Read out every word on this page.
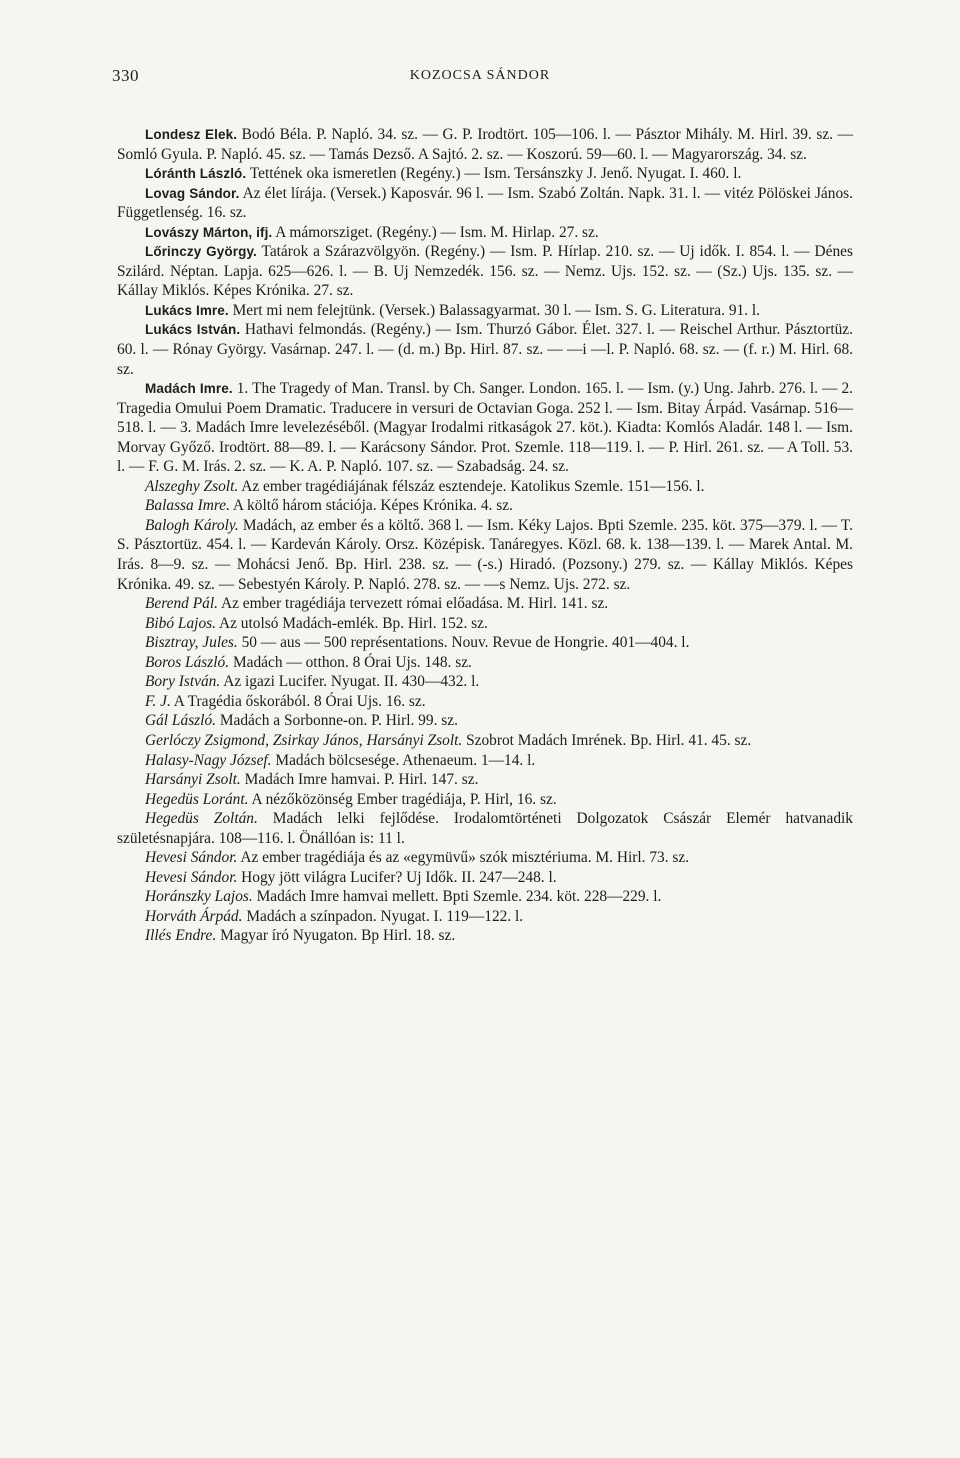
330	KOZOCSA SÁNDOR

Londesz Elek. Bodó Béla. P. Napló. 34. sz. — G. P. Irodtört. 105—106. l. — Pásztor Mihály. M. Hirl. 39. sz. — Somló Gyula. P. Napló. 45. sz. — Tamás Dezső. A Sajtó. 2. sz. — Koszorú. 59—60. l. — Magyarország. 34. sz.

Lóránth László. Tettének oka ismeretlen (Regény.) — Ism. Tersánszky J. Jenő. Nyugat. I. 460. l.

Lovag Sándor. Az élet lírája. (Versek.) Kaposvár. 96 l. — Ism. Szabó Zoltán. Napk. 31. l. — vitéz Pölöskei János. Függetlenség. 16. sz.

Lovászy Márton, ifj. A mámorsziget. (Regény.) — Ism. M. Hirlap. 27. sz.

Lőrinczy György. Tatárok a Szárazvölgyön. (Regény.) — Ism. P. Hírlap. 210. sz. — Uj idők. I. 854. l. — Dénes Szilárd. Néptan. Lapja. 625—626. l. — B. Uj Nemzedék. 156. sz. — Nemz. Ujs. 152. sz. — (Sz.) Ujs. 135. sz. — Kállay Miklós. Képes Krónika. 27. sz.

Lukács Imre. Mert mi nem felejtünk. (Versek.) Balassagyarmat. 30 l. — Ism. S. G. Literatura. 91. l.

Lukács István. Hathavi felmondás. (Regény.) — Ism. Thurzó Gábor. Élet. 327. l. — Reischel Arthur. Pásztortüz. 60. l. — Rónay György. Vasárnap. 247. l. — (d. m.) Bp. Hirl. 87. sz. — —i —l. P. Napló. 68. sz. — (f. r.) M. Hirl. 68. sz.

Madách Imre. 1. The Tragedy of Man. Transl. by Ch. Sanger. London. 165. l. — Ism. (y.) Ung. Jahrb. 276. l. — 2. Tragedia Omului Poem Dramatic. Traducere in versuri de Octavian Goga. 252 l. — Ism. Bitay Árpád. Vasárnap. 516—518. l. — 3. Madách Imre levelezéséből. (Magyar Irodalmi ritkaságok 27. köt.). Kiadta: Komlós Aladár. 148 l. — Ism. Morvay Győző. Irodtört. 88—89. l. — Karácsony Sándor. Prot. Szemle. 118—119. l. — P. Hirl. 261. sz. — A Toll. 53. l. — F. G. M. Irás. 2. sz. — K. A. P. Napló. 107. sz. — Szabadság. 24. sz.

Alszeghy Zsolt. Az ember tragédiájának félszáz esztendeje. Katolikus Szemle. 151—156. l.

Balassa Imre. A költő három stációja. Képes Krónika. 4. sz.

Balogh Károly. Madách, az ember és a költő. 368 l. — Ism. Kéky Lajos. Bpti Szemle. 235. köt. 375—379. l. — T. S. Pásztortüz. 454. l. — Kardeván Károly. Orsz. Középisk. Tanáregyes. Közl. 68. k. 138—139. l. — Marek Antal. M. Irás. 8—9. sz. — Mohácsi Jenő. Bp. Hirl. 238. sz. — (-s.) Hiradó. (Pozsony.) 279. sz. — Kállay Miklós. Képes Krónika. 49. sz. — Sebestyén Károly. P. Napló. 278. sz. — —s Nemz. Ujs. 272. sz.

Berend Pál. Az ember tragédiája tervezett római előadása. M. Hirl. 141. sz.

Bibó Lajos. Az utolsó Madách-emlék. Bp. Hirl. 152. sz.

Bisztray, Jules. 50 — aus — 500 représentations. Nouv. Revue de Hongrie. 401—404. l.

Boros László. Madách — otthon. 8 Órai Ujs. 148. sz.

Bory István. Az igazi Lucifer. Nyugat. II. 430—432. l.

F. J. A Tragédia őskorából. 8 Órai Ujs. 16. sz.

Gál László. Madách a Sorbonne-on. P. Hirl. 99. sz.

Gerlóczy Zsigmond, Zsirkay János, Harsányi Zsolt. Szobrot Madách Imrének. Bp. Hirl. 41. 45. sz.

Halasy-Nagy József. Madách bölcsesége. Athenaeum. 1—14. l.

Harsányi Zsolt. Madách Imre hamvai. P. Hirl. 147. sz.

Hegedüs Loránt. A nézőközönség Ember tragédiája, P. Hirl, 16. sz.

Hegedüs Zoltán. Madách lelki fejlődése. Irodalomtörténeti Dolgozatok Császár Elemér hatvanadik születésnapjára. 108—116. l. Önállóan is: 11 l.

Hevesi Sándor. Az ember tragédiája és az «egymüvű» szók misztériuma. M. Hirl. 73. sz.

Hevesi Sándor. Hogy jött világra Lucifer? Uj Idők. II. 247—248. l.

Horánszky Lajos. Madách Imre hamvai mellett. Bpti Szemle. 234. köt. 228—229. l.

Horváth Árpád. Madách a színpadon. Nyugat. I. 119—122. l.

Illés Endre. Magyar író Nyugaton. Bp Hirl. 18. sz.
